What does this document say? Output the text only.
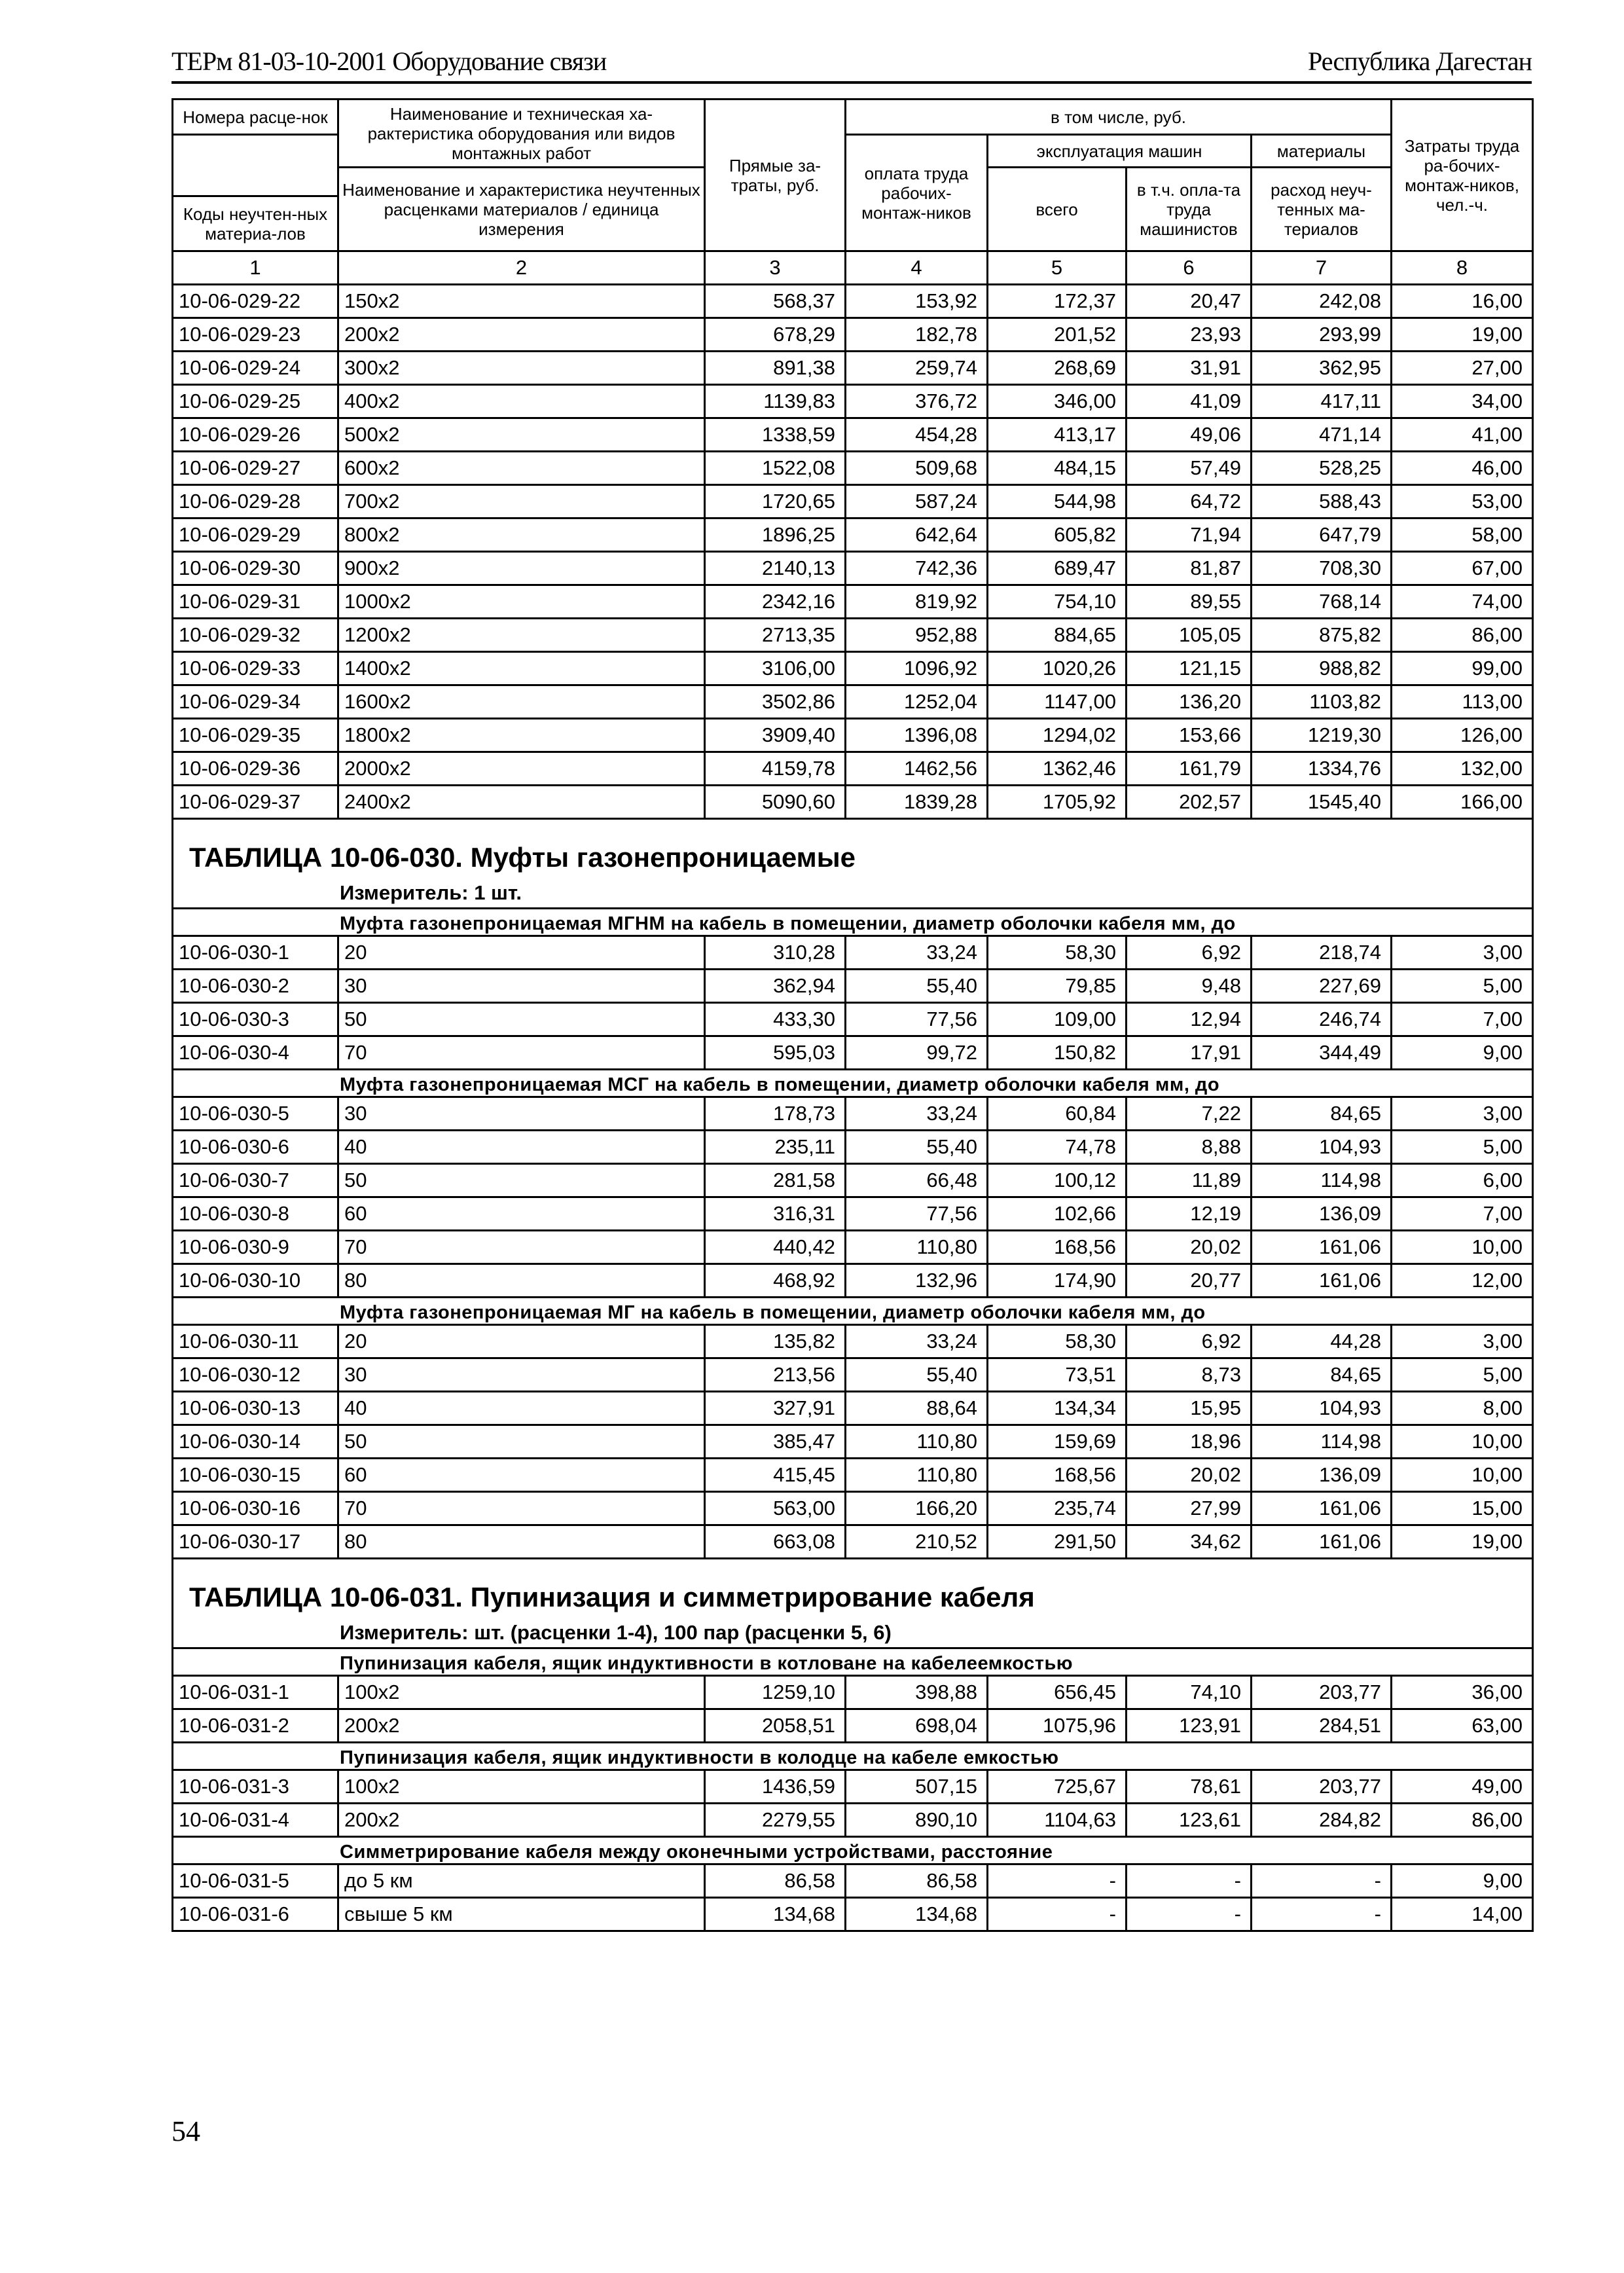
ТЕРм 81-03-10-2001 Оборудование связи	Республика Дагестан
Номера расце-нок	Наименование и техническая ха-рактеристика оборудования или видов монтажных работ	Прямые за-траты, руб.	в том числе, руб.				Затраты труда ра-бочих-монтаж-ников, чел.-ч.
			оплата труда рабочих-монтаж-ников	эксплуатация машин		материалы	
	Наименование и характеристика неучтенных расценками материалов / единица измерения			всего	в т.ч. опла-та труда машинистов	расход неуч-тенных ма-териалов	
Коды неучтен-ных материа-лов							
1	2	3	4	5	6	7	8
10-06-029-22	150x2	568,37	153,92	172,37	20,47	242,08	16,00
10-06-029-23	200x2	678,29	182,78	201,52	23,93	293,99	19,00
10-06-029-24	300x2	891,38	259,74	268,69	31,91	362,95	27,00
10-06-029-25	400x2	1139,83	376,72	346,00	41,09	417,11	34,00
10-06-029-26	500x2	1338,59	454,28	413,17	49,06	471,14	41,00
10-06-029-27	600x2	1522,08	509,68	484,15	57,49	528,25	46,00
10-06-029-28	700x2	1720,65	587,24	544,98	64,72	588,43	53,00
10-06-029-29	800x2	1896,25	642,64	605,82	71,94	647,79	58,00
10-06-029-30	900x2	2140,13	742,36	689,47	81,87	708,30	67,00
10-06-029-31	1000x2	2342,16	819,92	754,10	89,55	768,14	74,00
10-06-029-32	1200x2	2713,35	952,88	884,65	105,05	875,82	86,00
10-06-029-33	1400x2	3106,00	1096,92	1020,26	121,15	988,82	99,00
10-06-029-34	1600x2	3502,86	1252,04	1147,00	136,20	1103,82	113,00
10-06-029-35	1800x2	3909,40	1396,08	1294,02	153,66	1219,30	126,00
10-06-029-36	2000x2	4159,78	1462,56	1362,46	161,79	1334,76	132,00
10-06-029-37	2400x2	5090,60	1839,28	1705,92	202,57	1545,40	166,00
ТАБЛИЦА 10-06-030. Муфты газонепроницаемые							
Измеритель: 1 шт.							
Муфта газонепроницаемая МГНМ на кабель в помещении, диаметр оболочки кабеля мм, до							
10-06-030-1	20	310,28	33,24	58,30	6,92	218,74	3,00
10-06-030-2	30	362,94	55,40	79,85	9,48	227,69	5,00
10-06-030-3	50	433,30	77,56	109,00	12,94	246,74	7,00
10-06-030-4	70	595,03	99,72	150,82	17,91	344,49	9,00
Муфта газонепроницаемая МСГ на кабель в помещении, диаметр оболочки кабеля мм, до							
10-06-030-5	30	178,73	33,24	60,84	7,22	84,65	3,00
10-06-030-6	40	235,11	55,40	74,78	8,88	104,93	5,00
10-06-030-7	50	281,58	66,48	100,12	11,89	114,98	6,00
10-06-030-8	60	316,31	77,56	102,66	12,19	136,09	7,00
10-06-030-9	70	440,42	110,80	168,56	20,02	161,06	10,00
10-06-030-10	80	468,92	132,96	174,90	20,77	161,06	12,00
Муфта газонепроницаемая МГ на кабель в помещении, диаметр оболочки кабеля мм, до							
10-06-030-11	20	135,82	33,24	58,30	6,92	44,28	3,00
10-06-030-12	30	213,56	55,40	73,51	8,73	84,65	5,00
10-06-030-13	40	327,91	88,64	134,34	15,95	104,93	8,00
10-06-030-14	50	385,47	110,80	159,69	18,96	114,98	10,00
10-06-030-15	60	415,45	110,80	168,56	20,02	136,09	10,00
10-06-030-16	70	563,00	166,20	235,74	27,99	161,06	15,00
10-06-030-17	80	663,08	210,52	291,50	34,62	161,06	19,00
ТАБЛИЦА 10-06-031. Пупинизация и симметрирование кабеля							
Измеритель: шт. (расценки 1-4), 100 пар (расценки 5, 6)							
Пупинизация кабеля, ящик индуктивности в котловане на кабелеемкостью							
10-06-031-1	100x2	1259,10	398,88	656,45	74,10	203,77	36,00
10-06-031-2	200x2	2058,51	698,04	1075,96	123,91	284,51	63,00
Пупинизация кабеля, ящик индуктивности в колодце на кабеле емкостью							
10-06-031-3	100x2	1436,59	507,15	725,67	78,61	203,77	49,00
10-06-031-4	200x2	2279,55	890,10	1104,63	123,61	284,82	86,00
Симметрирование кабеля между оконечными устройствами, расстояние							
10-06-031-5	до 5 км	86,58	86,58	-	-	-	9,00
10-06-031-6	свыше 5 км	134,68	134,68	-	-	-	14,00
54
